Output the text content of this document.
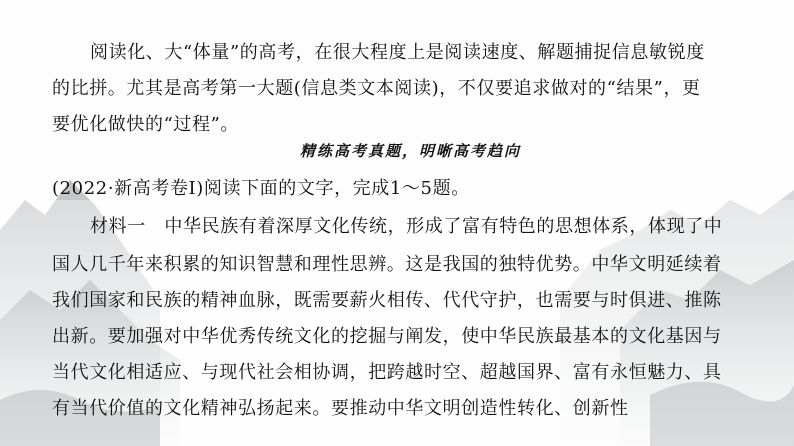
阅读化、大“体量”的高考，在很大程度上是阅读速度、解题捕捉信息敏锐度
的比拼。尤其是高考第一大题(信息类文本阅读)，不仅要追求做对的“结果”，更
要优化做快的“过程”。
精练高考真题，明晰高考趋向
(2022·新高考卷Ⅰ)阅读下面的文字，完成1～5题。
材料一　中华民族有着深厚文化传统，形成了富有特色的思想体系，体现了中
国人几千年来积累的知识智慧和理性思辨。这是我国的独特优势。中华文明延续着
我们国家和民族的精神血脉，既需要薪火相传、代代守护，也需要与时俱进、推陈
出新。要加强对中华优秀传统文化的挖掘与阐发，使中华民族最基本的文化基因与
当代文化相适应、与现代社会相协调，把跨越时空、超越国界、富有永恒魅力、具
有当代价值的文化精神弘扬起来。要推动中华文明创造性转化、创新性
